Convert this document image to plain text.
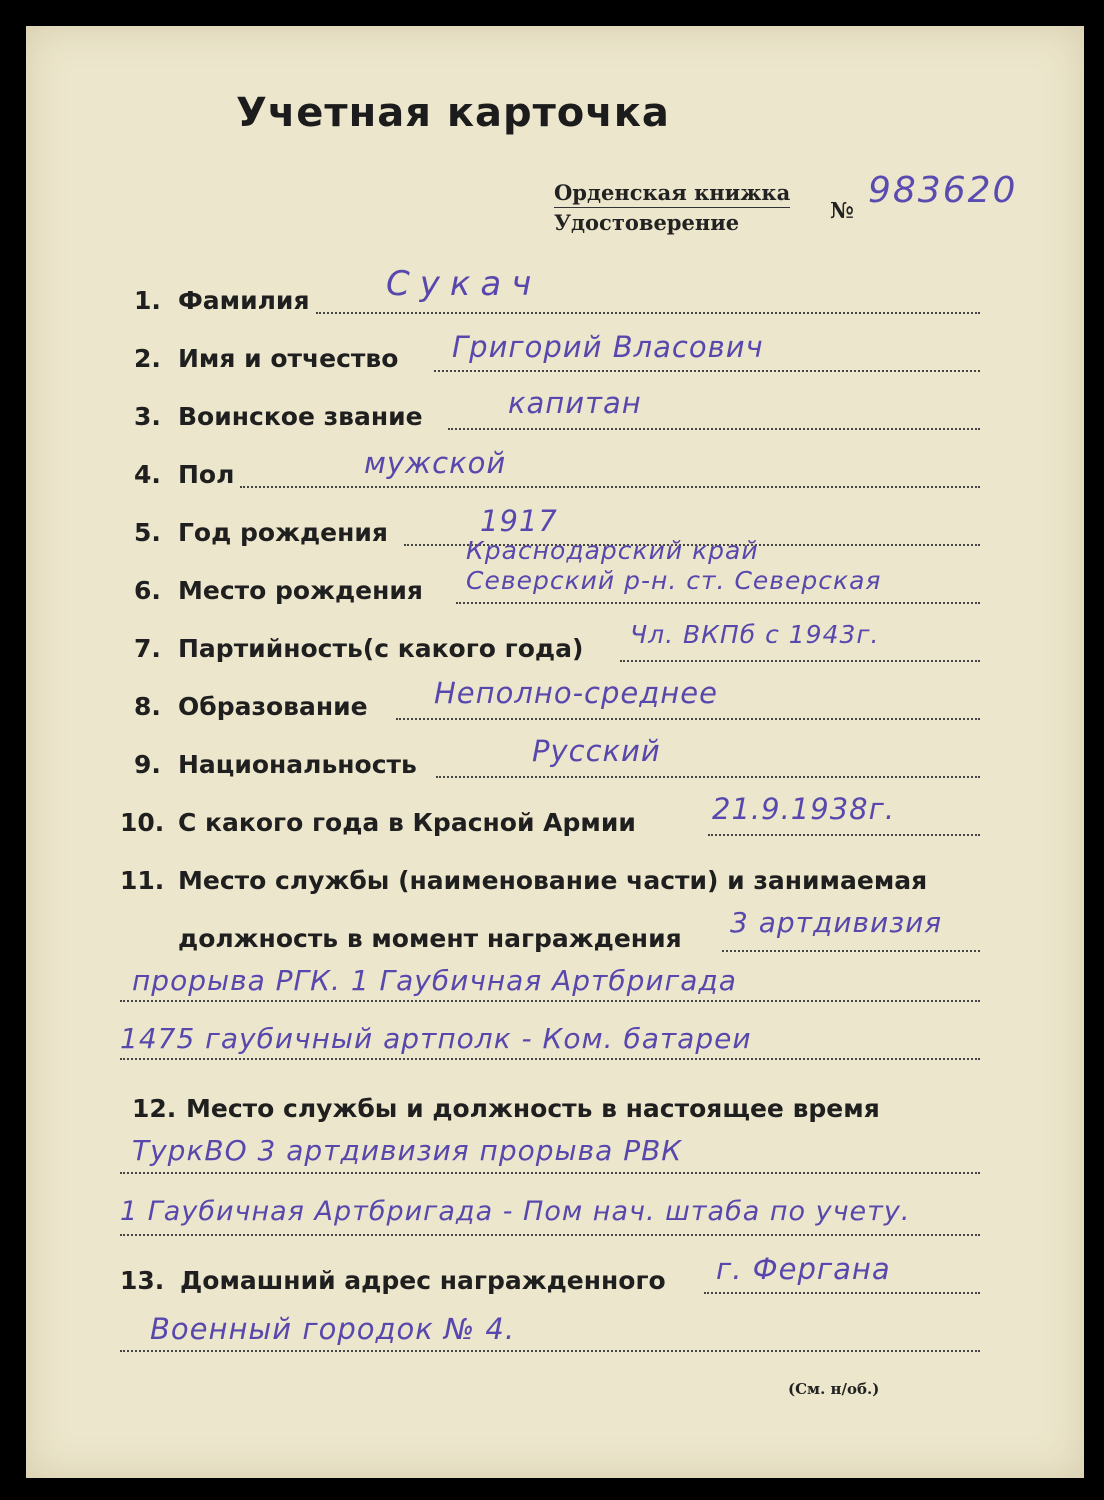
Учетная карточка
Орденская книжка
Удостоверение	№ 983620
1. Фамилия Сукач
2. Имя и отчество Григорий Власович
3. Воинское звание	капитан
4. Пол	мужской
5. Год рождения	1917
6. Место рождения
Краснодарский край
Северский р-н. ст. Северская
7. Партийность(с какого года) Чл. ВКПб с 1943г.
8. Образование Неполно-среднее
9. Национальность	Русский
10. С какого года в Красной Армии	21.9.1938г.
11. Место службы (наименование части) и занимаемая
должность в момент награждения 3 артдивизия
прорыва РГК. 1 Гаубичная Артбригада
1475 гаубичный артполк - Ком. батареи
12. Место службы и должность в настоящее время
ТуркВО 3 артдивизия прорыва РВК
1 Гаубичная Артбригада - Пом нач. штаба по учету.
13. Домашний адрес награжденного г. Фергана
Военный городок № 4.
(См. н/об.)
